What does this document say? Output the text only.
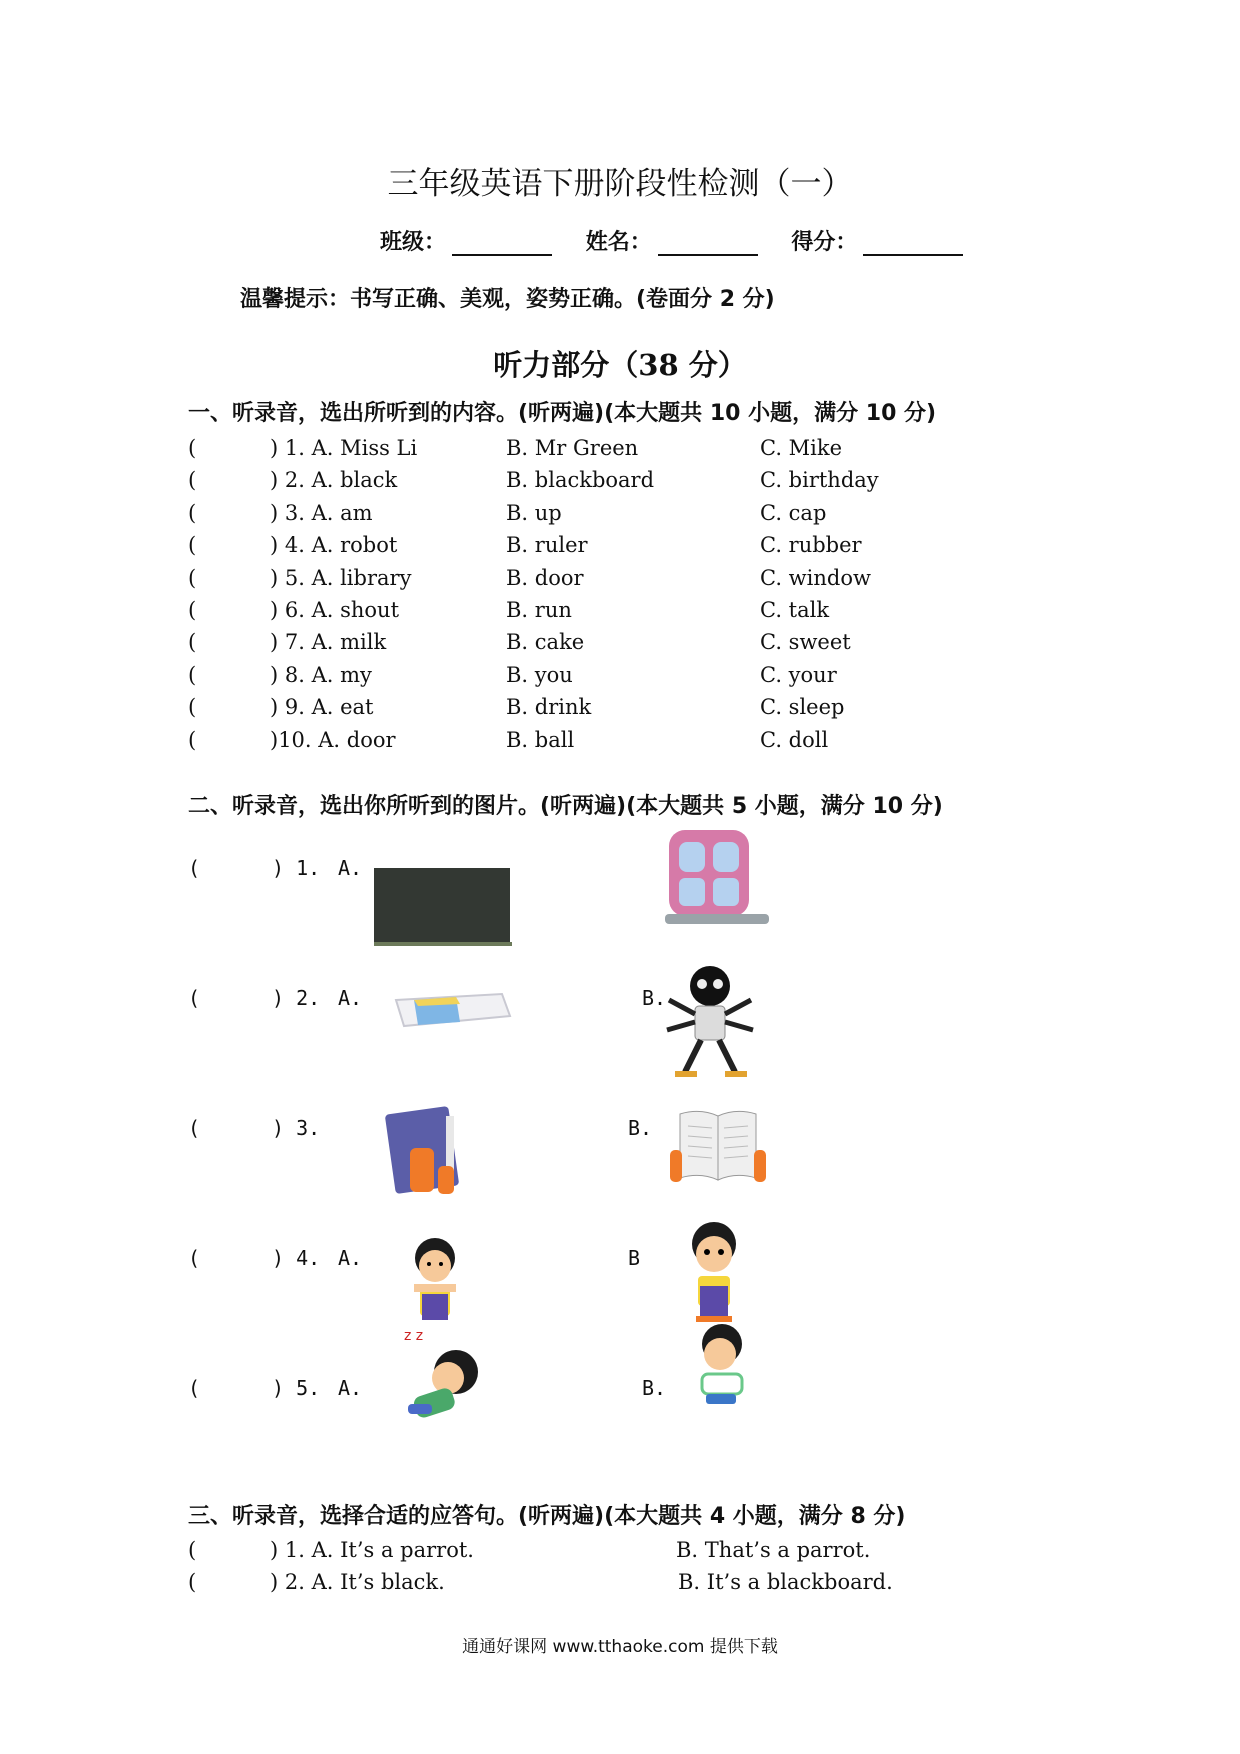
三年级英语下册阶段性检测（一）
班级：	姓名：	得分：
温馨提示：书写正确、美观，姿势正确。(卷面分 2 分)
听力部分（38 分）
一、听录音，选出所听到的内容。(听两遍)(本大题共 10 小题，满分 10 分)
(	) 1. A. Miss Li	B. Mr Green	C. Mike
(	) 2. A. black	B. blackboard	C. birthday
(	) 3. A. am	B. up	C. cap
(	) 4. A. robot	B. ruler	C. rubber
(	) 5. A. library	B. door	C. window
(	) 6. A. shout	B. run	C. talk
(	) 7. A. milk	B. cake	C. sweet
(	) 8. A. my	B. you	C. your
(	) 9. A. eat	B. drink	C. sleep
(	)10. A. door	B. ball	C. doll
二、听录音，选出你所听到的图片。(听两遍)(本大题共 5 小题，满分 10 分)
(	) 1. A.
(	) 2. A.	B.
(	) 3.	B.
(	) 4. A.	B
(	) 5. A.	B.
z z
三、听录音，选择合适的应答句。(听两遍)(本大题共 4 小题，满分 8 分)
(	) 1. A. It’s a parrot.	B. That’s a parrot.
(	) 2. A. It’s black.	B. It’s a blackboard.
通通好课网 www.tthaoke.com 提供下载
